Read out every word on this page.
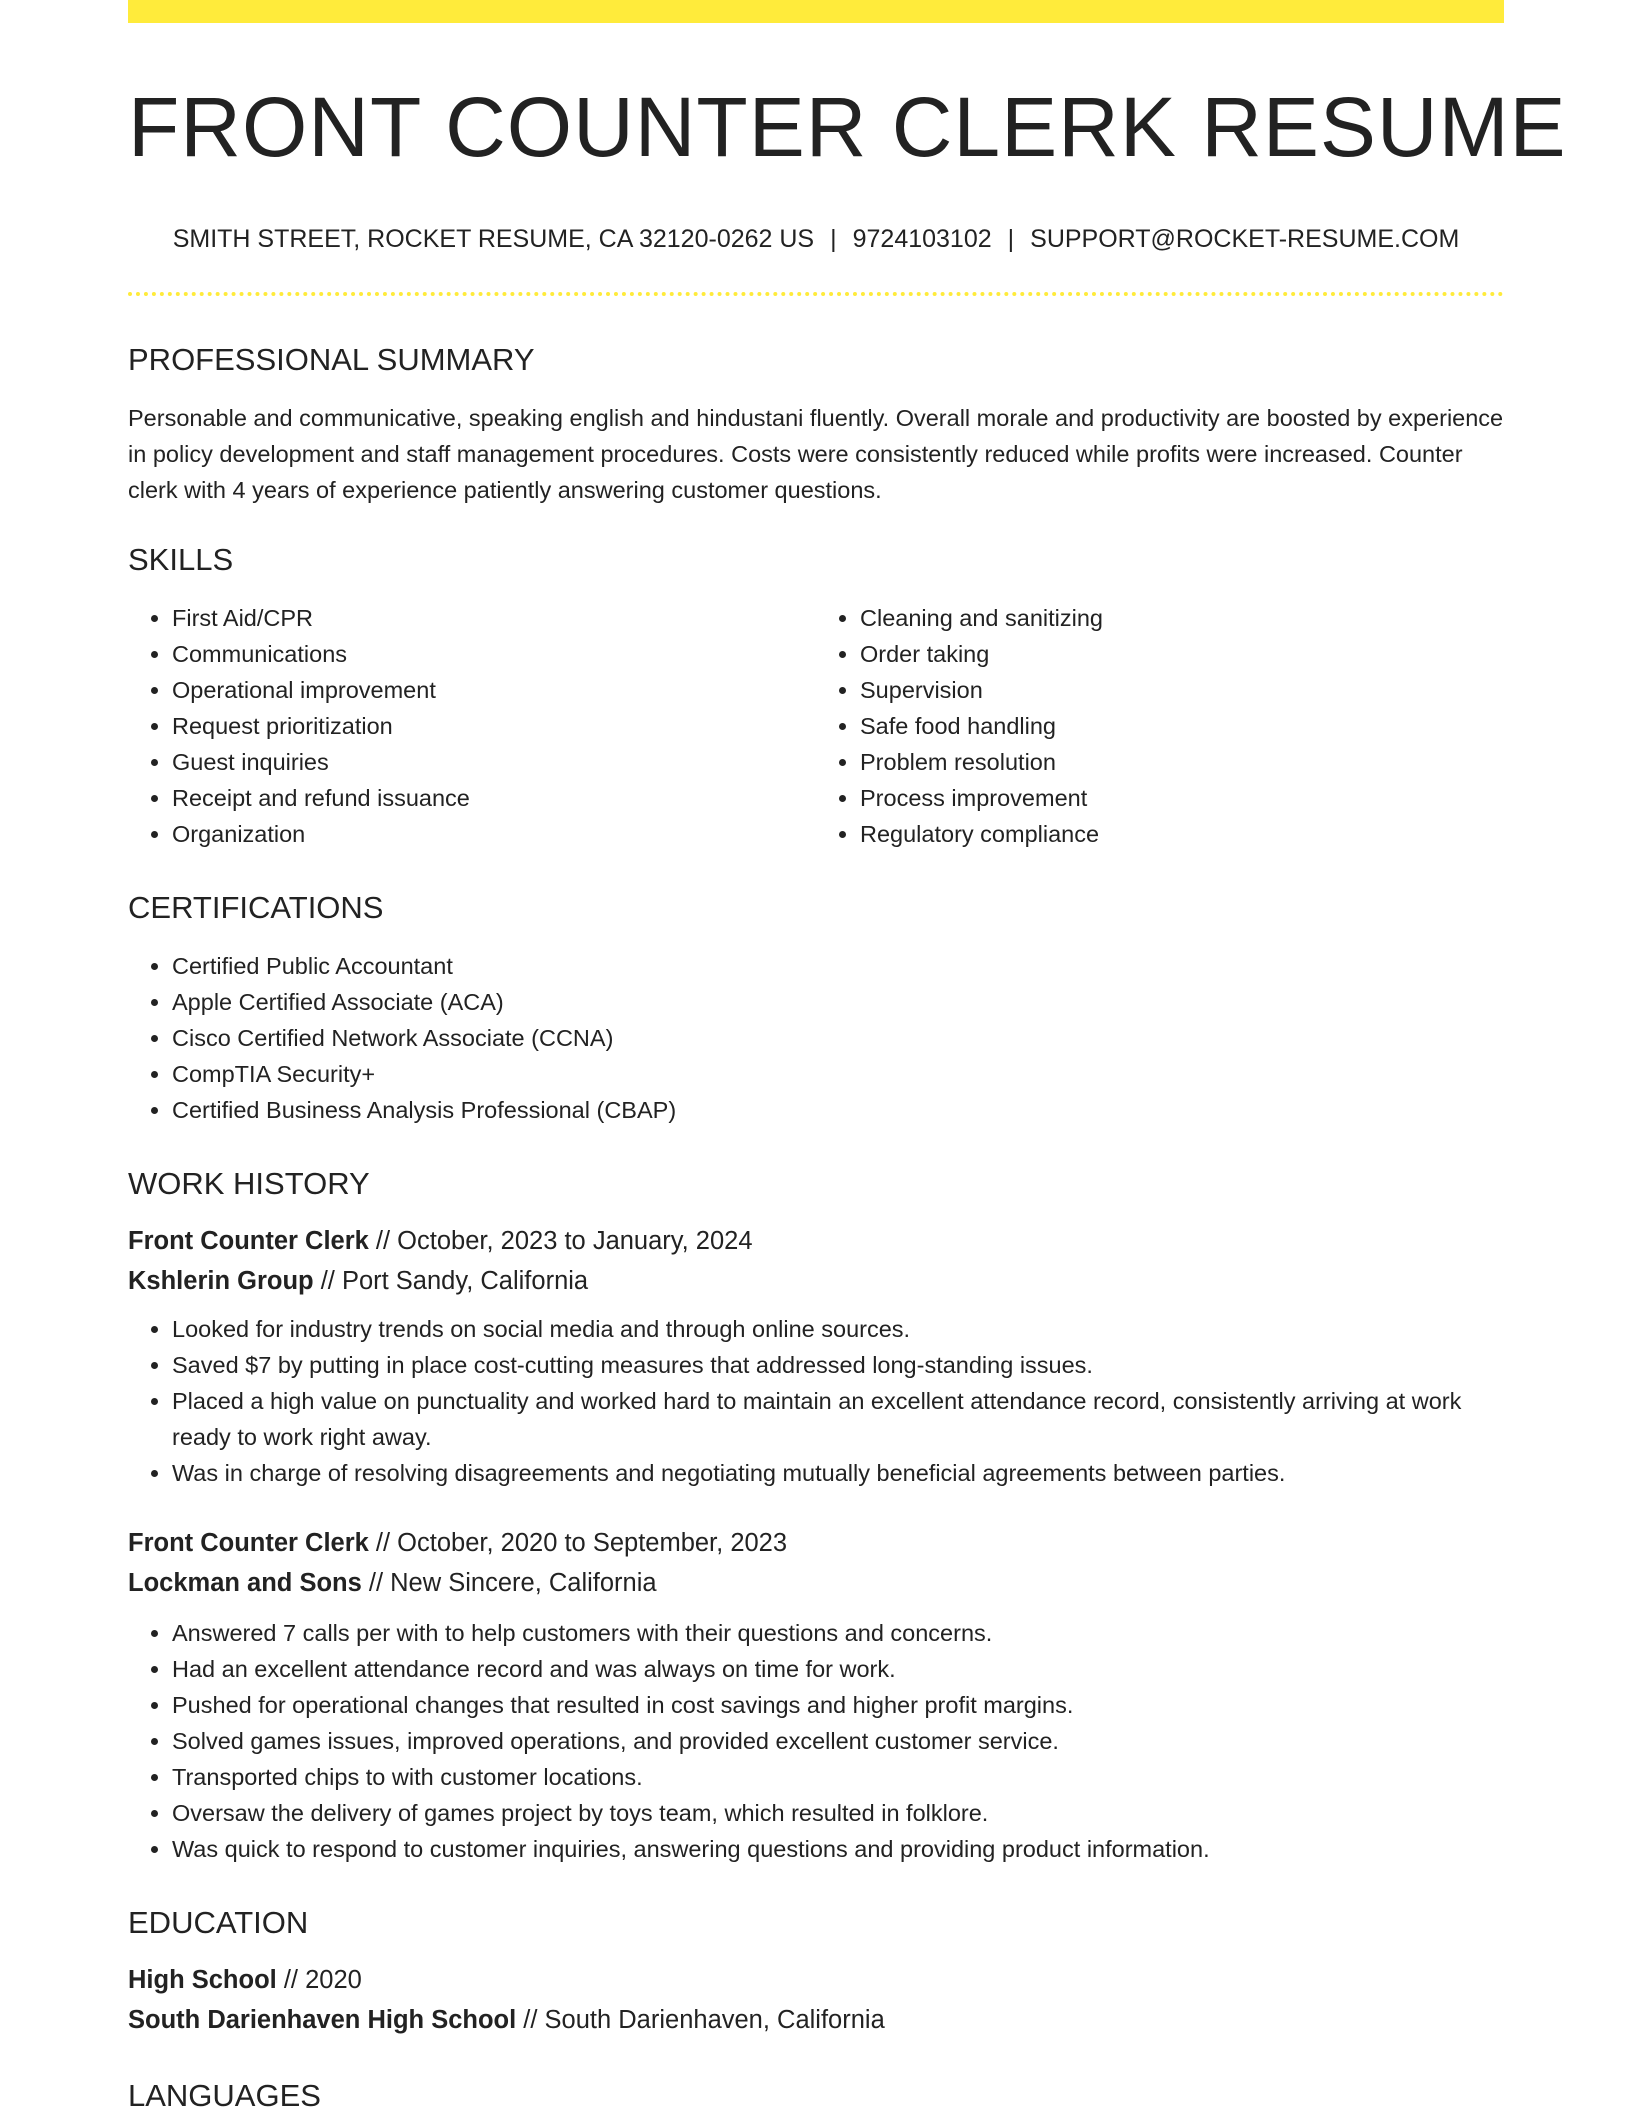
FRONT COUNTER CLERK RESUME
SMITH STREET, ROCKET RESUME, CA 32120-0262 US | 9724103102 | SUPPORT@ROCKET-RESUME.COM
PROFESSIONAL SUMMARY

Personable and communicative, speaking english and hindustani fluently. Overall morale and productivity are boosted by experience in policy development and staff management procedures. Costs were consistently reduced while profits were increased. Counter clerk with 4 years of experience patiently answering customer questions.

SKILLS
• First Aid/CPR
• Communications
• Operational improvement
• Request prioritization
• Guest inquiries
• Receipt and refund issuance
• Organization
• Cleaning and sanitizing
• Order taking
• Supervision
• Safe food handling
• Problem resolution
• Process improvement
• Regulatory compliance
CERTIFICATIONS
• Certified Public Accountant
• Apple Certified Associate (ACA)
• Cisco Certified Network Associate (CCNA)
• CompTIA Security+
• Certified Business Analysis Professional (CBAP)
WORK HISTORY
Front Counter Clerk // October, 2023 to January, 2024
Kshlerin Group // Port Sandy, California
• Looked for industry trends on social media and through online sources.
• Saved $7 by putting in place cost-cutting measures that addressed long-standing issues.
• Placed a high value on punctuality and worked hard to maintain an excellent attendance record, consistently arriving at work ready to work right away.
• Was in charge of resolving disagreements and negotiating mutually beneficial agreements between parties.
Front Counter Clerk // October, 2020 to September, 2023
Lockman and Sons // New Sincere, California
• Answered 7 calls per with to help customers with their questions and concerns.
• Had an excellent attendance record and was always on time for work.
• Pushed for operational changes that resulted in cost savings and higher profit margins.
• Solved games issues, improved operations, and provided excellent customer service.
• Transported chips to with customer locations.
• Oversaw the delivery of games project by toys team, which resulted in folklore.
• Was quick to respond to customer inquiries, answering questions and providing product information.
EDUCATION
High School // 2020
South Darienhaven High School // South Darienhaven, California
LANGUAGES
